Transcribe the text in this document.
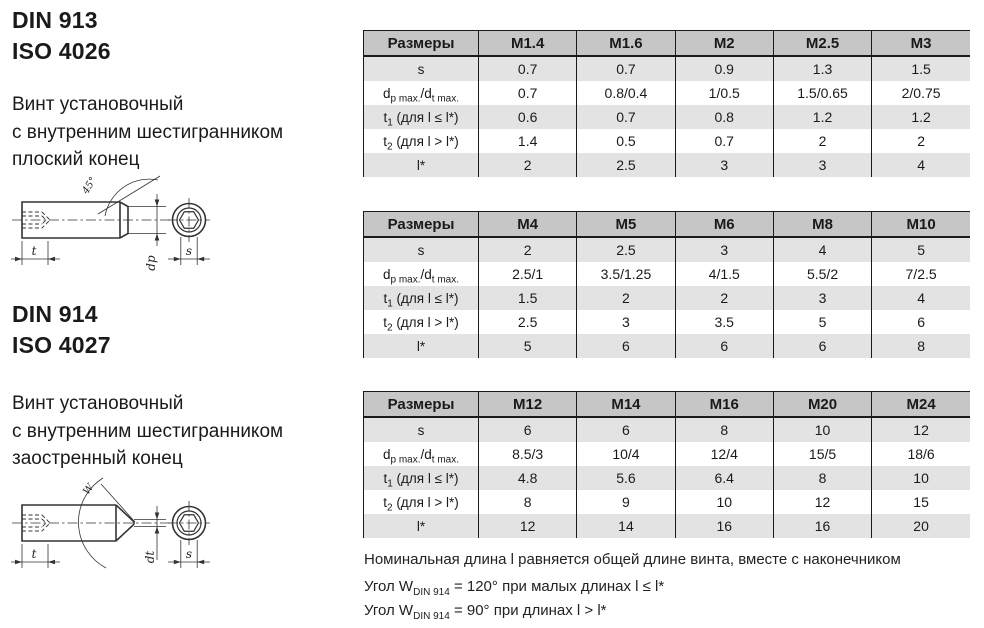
DIN 913
ISO 4026
Винт установочный
с внутренним шестигранником
плоский конец
dp
45°
t	s
DIN 914
ISO 4027
Винт установочный
с внутренним шестигранником
заостренный конец
dt
W
t	s
Размеры	M1.4	M1.6	M2	M2.5	M3
s	0.7	0.7	0.9	1.3	1.5
$d_{p max.}/d_{t max.}$	0.7	0.8/0.4	1/0.5	1.5/0.65	2/0.75
$t_1$ (для l ≤ l*)	0.6	0.7	0.8	1.2	1.2
$t_2$ (для l > l*)	1.4	0.5	0.7	2	2
l*	2	2.5	3	3	4
Размеры	M4	M5	M6	M8	M10
s	2	2.5	3	4	5
$d_{p max.}/d_{t max.}$	2.5/1	3.5/1.25	4/1.5	5.5/2	7/2.5
$t_1$ (для l ≤ l*)	1.5	2	2	3	4
$t_2$ (для l > l*)	2.5	3	3.5	5	6
l*	5	6	6	6	8
Размеры	M12	M14	M16	M20	M24
s	6	6	8	10	12
$d_{p max.}/d_{t max.}$	8.5/3	10/4	12/4	15/5	18/6
$t_1$ (для l ≤ l*)	4.8	5.6	6.4	8	10
$t_2$ (для l > l*)	8	9	10	12	15
l*	12	14	16	16	20
Номинальная длина l равняется общей длине винта, вместе с наконечником
Угол $W_{DIN 914} = 120^\circ$ при малых длинах l ≤ l*
Угол $W_{DIN 914} = 90^\circ$ при длинах l > l*
